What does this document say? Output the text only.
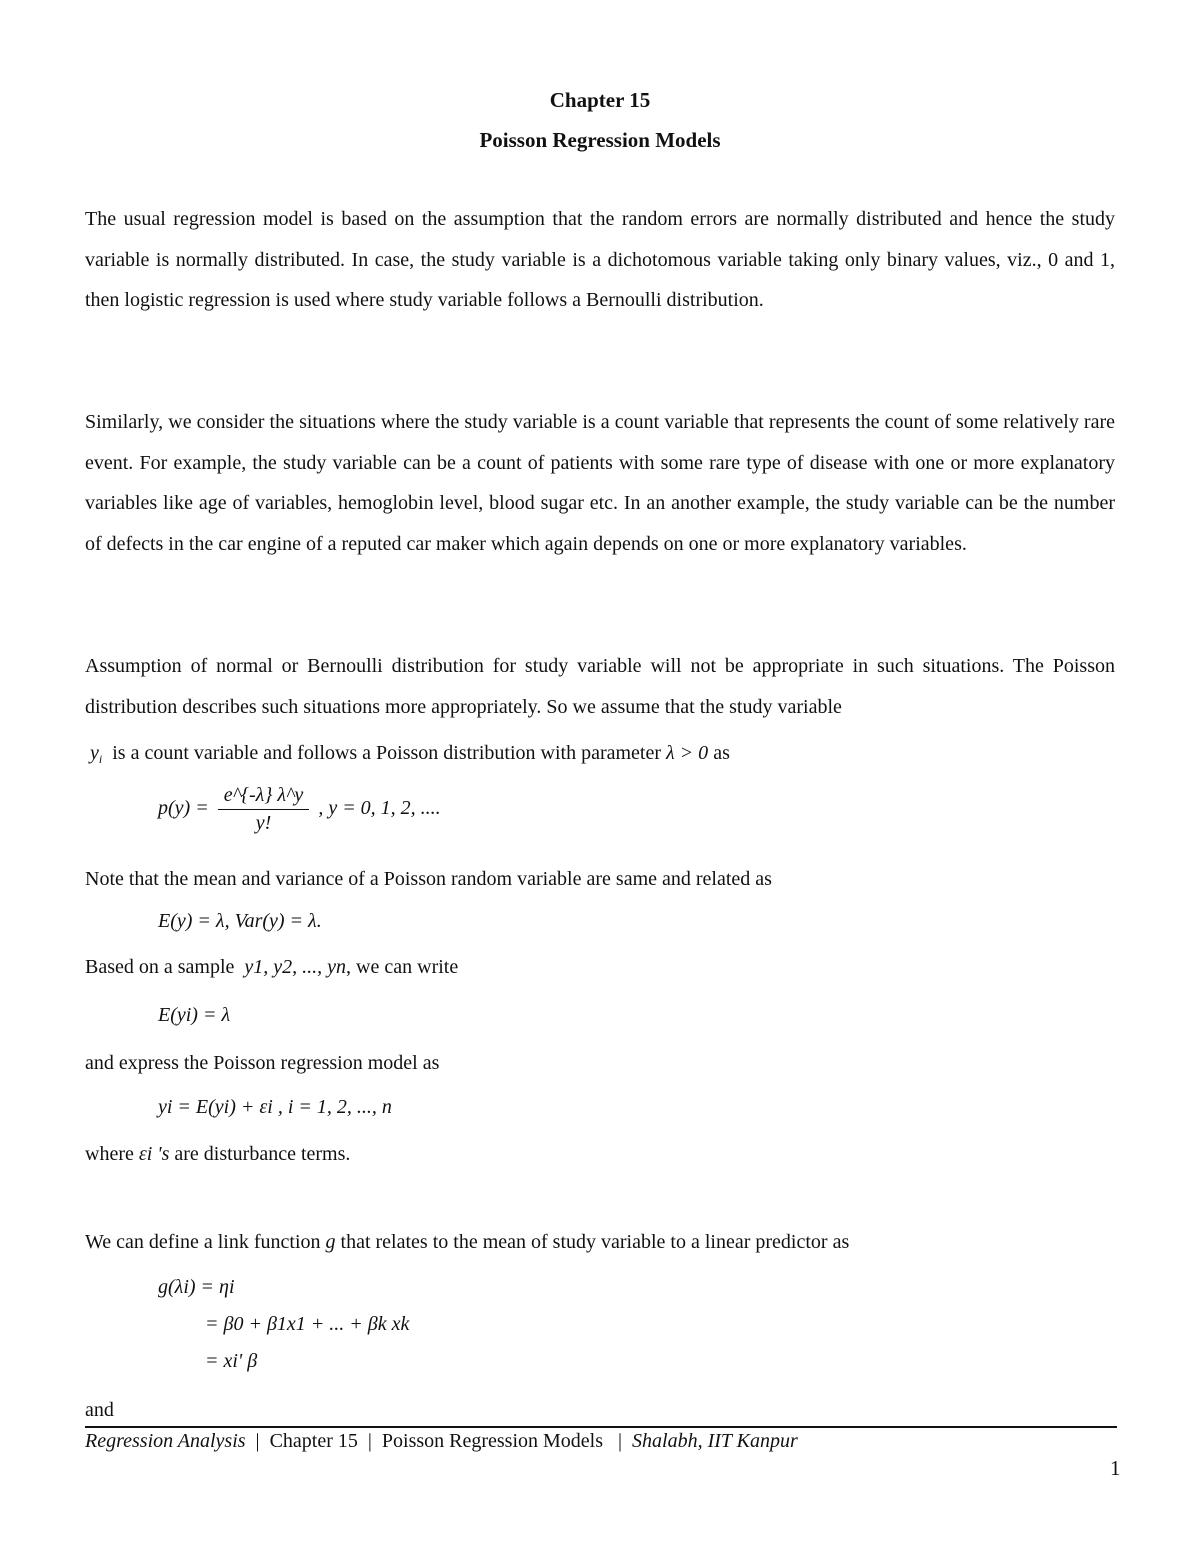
Chapter 15
Poisson Regression Models

The usual regression model is based on the assumption that the random errors are normally distributed and hence the study variable is normally distributed. In case, the study variable is a dichotomous variable taking only binary values, viz., 0 and 1, then logistic regression is used where study variable follows a Bernoulli distribution.

Similarly, we consider the situations where the study variable is a count variable that represents the count of some relatively rare event. For example, the study variable can be a count of patients with some rare type of disease with one or more explanatory variables like age of variables, hemoglobin level, blood sugar etc. In an another example, the study variable can be the number of defects in the car engine of a reputed car maker which again depends on one or more explanatory variables.

Assumption of normal or Bernoulli distribution for study variable will not be appropriate in such situations. The Poisson distribution describes such situations more appropriately. So we assume that the study variable

$y_i$ is a count variable and follows a Poisson distribution with parameter λ > 0 as
$p(y) = \frac{e\^{}\{-\lambda\} \lambda\^{}y}{y!}$ , y = 0, 1, 2, ....
Note that the mean and variance of a Poisson random variable are same and related as
E(y) = λ, Var(y) = λ.
Based on a sample y1, y2, ..., yn, we can write
E(yi) = λ
and express the Poisson regression model as
yi = E(yi) + εi , i = 1, 2, ..., n
where εi 's are disturbance terms.
We can define a link function g that relates to the mean of study variable to a linear predictor as
g(λi) = ηi
= β0 + β1x1 + ... + βk xk
= xi' β
and
Regression Analysis | Chapter 15 | Poisson Regression Models | Shalabh, IIT Kanpur
1
